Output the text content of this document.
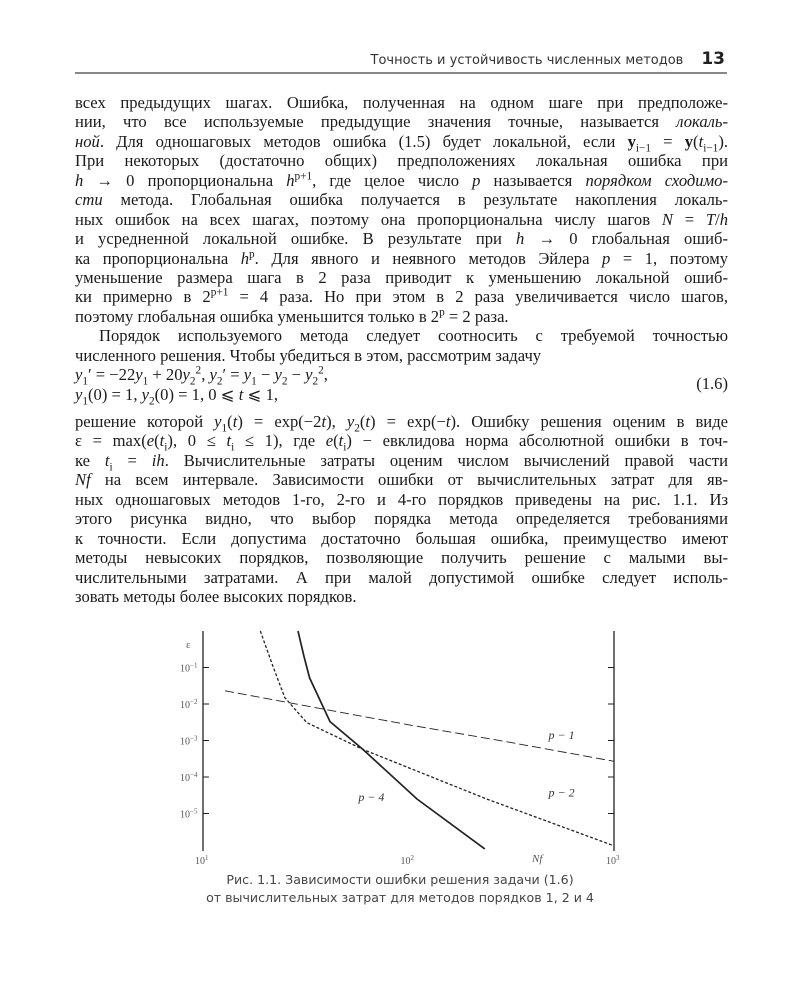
Точность и устойчивость численных методов 13
всех предыдущих шагах. Ошибка, полученная на одном шаге при предположе-
нии, что все используемые предыдущие значения точные, называется локаль-
ной. Для одношаговых методов ошибка (1.5) будет локальной, если $y_{i-1} = y(t_{i-1})$.
При некоторых (достаточно общих) предположениях локальная ошибка при
h → 0 пропорциональна $h^{p+1}$, где целое число p называется порядком сходимо-
сти метода. Глобальная ошибка получается в результате накопления локаль-
ных ошибок на всех шагах, поэтому она пропорциональна числу шагов N = T/h
и усредненной локальной ошибке. В результате при h → 0 глобальная ошиб-
ка пропорциональна $h^p$. Для явного и неявного методов Эйлера p = 1, поэтому
уменьшение размера шага в 2 раза приводит к уменьшению локальной ошиб-
ки примерно в $2^{p+1} = 4$ раза. Но при этом в 2 раза увеличивается число шагов,
поэтому глобальная ошибка уменьшится только в $2^p = 2$ раза.
Порядок используемого метода следует соотносить с требуемой точностью
численного решения. Чтобы убедиться в этом, рассмотрим задачу
$y_1' = -22y_1 + 20y_2^2$, $y_2' = y_1 - y_2 - y_2^2$,	(1.6)
$y_1(0) = 1$, $y_2(0) = 1$, 0 ⩽ t ⩽ 1,
решение которой $y_1(t) = \exp(-2t)$, $y_2(t) = \exp(-t)$. Ошибку решения оценим в виде
$\varepsilon = \max(e(t_i)$, $0 \le t_i \le 1$), где $e(t_i)$ − евклидова норма абсолютной ошибки в точ-
ке $t_i$ = ih. Вычислительные затраты оценим числом вычислений правой части
Nf на всем интервале. Зависимости ошибки от вычислительных затрат для яв-
ных одношаговых методов 1-го, 2-го и 4-го порядков приведены на рис. 1.1. Из
этого рисунка видно, что выбор порядка метода определяется требованиями
к точности. Если допустима достаточно большая ошибка, преимущество имеют
методы невысоких порядков, позволяющие получить решение с малыми вы-
числительными затратами. А при малой допустимой ошибке следует исполь-
зовать методы более высоких порядков.
$10^{-1}$
$10^{-2}$
$10^{-3}$
$10^{-4}$
$10^{-5}$
$10^1$	$10^2$	$10^3$
ε
Nf
p − 1
p − 2
p − 4
Рис. 1.1. Зависимости ошибки решения задачи (1.6)
от вычислительных затрат для методов порядков 1, 2 и 4
